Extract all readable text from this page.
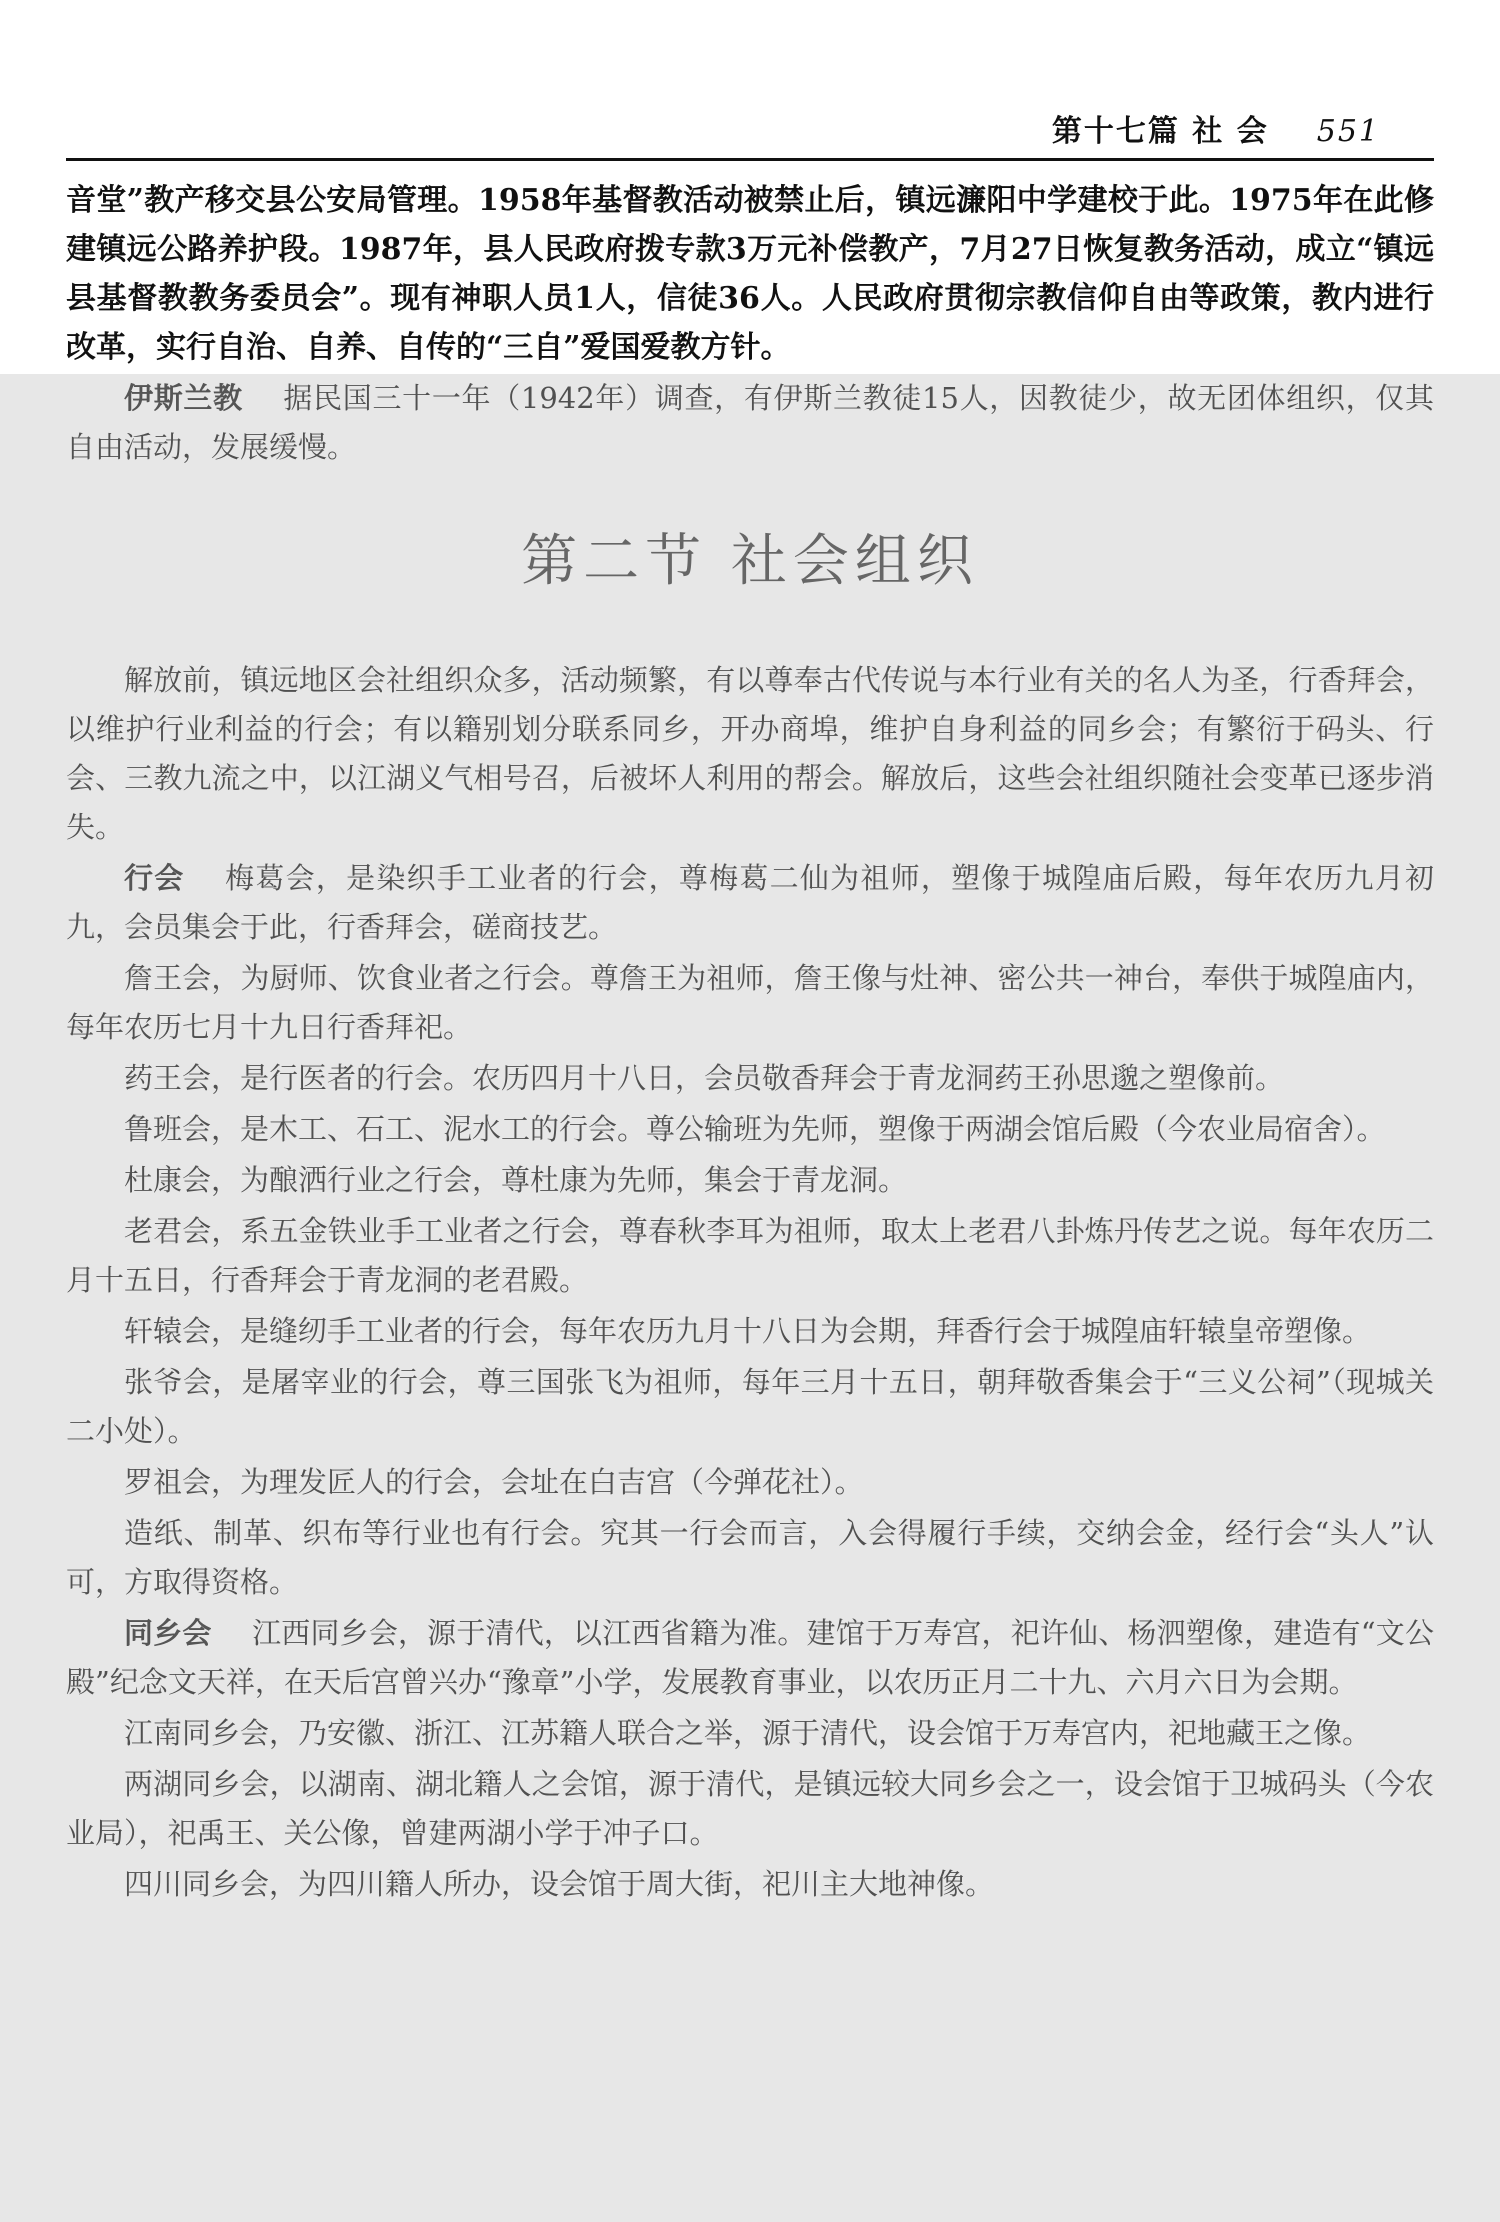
第十七篇 社 会 551
音堂”教产移交县公安局管理。1958年基督教活动被禁止后，镇远濂阳中学建校于此。1975年在此修建镇远公路养护段。1987年，县人民政府拨专款3万元补偿教产，7月27日恢复教务活动，成立“镇远县基督教教务委员会”。现有神职人员1人，信徒36人。人民政府贯彻宗教信仰自由等政策，教内进行改革，实行自治、自养、自传的“三自”爱国爱教方针。

伊斯兰教 据民国三十一年（1942年）调查，有伊斯兰教徒15人，因教徒少，故无团体组织，仅其自由活动，发展缓慢。

第二节 社会组织

解放前，镇远地区会社组织众多，活动频繁，有以尊奉古代传说与本行业有关的名人为圣，行香拜会，以维护行业利益的行会；有以籍别划分联系同乡，开办商埠，维护自身利益的同乡会；有繁衍于码头、行会、三教九流之中，以江湖义气相号召，后被坏人利用的帮会。解放后，这些会社组织随社会变革已逐步消失。

行会 梅葛会，是染织手工业者的行会，尊梅葛二仙为祖师，塑像于城隍庙后殿，每年农历九月初九，会员集会于此，行香拜会，磋商技艺。

詹王会，为厨师、饮食业者之行会。尊詹王为祖师，詹王像与灶神、密公共一神台，奉供于城隍庙内，每年农历七月十九日行香拜祀。

药王会，是行医者的行会。农历四月十八日，会员敬香拜会于青龙洞药王孙思邈之塑像前。

鲁班会，是木工、石工、泥水工的行会。尊公输班为先师，塑像于两湖会馆后殿（今农业局宿舍）。

杜康会，为酿洒行业之行会，尊杜康为先师，集会于青龙洞。

老君会，系五金铁业手工业者之行会，尊春秋李耳为祖师，取太上老君八卦炼丹传艺之说。每年农历二月十五日，行香拜会于青龙洞的老君殿。

轩辕会，是缝纫手工业者的行会，每年农历九月十八日为会期，拜香行会于城隍庙轩辕皇帝塑像。

张爷会，是屠宰业的行会，尊三国张飞为祖师，每年三月十五日，朝拜敬香集会于“三义公祠”（现城关二小处）。

罗祖会，为理发匠人的行会，会址在白吉宫（今弹花社）。

造纸、制革、织布等行业也有行会。究其一行会而言，入会得履行手续，交纳会金，经行会“头人”认可，方取得资格。

同乡会 江西同乡会，源于清代，以江西省籍为准。建馆于万寿宫，祀许仙、杨泗塑像，建造有“文公殿”纪念文天祥，在天后宫曾兴办“豫章”小学，发展教育事业，以农历正月二十九、六月六日为会期。

江南同乡会，乃安徽、浙江、江苏籍人联合之举，源于清代，设会馆于万寿宫内，祀地藏王之像。

两湖同乡会，以湖南、湖北籍人之会馆，源于清代，是镇远较大同乡会之一，设会馆于卫城码头（今农业局），祀禹王、关公像，曾建两湖小学于冲子口。

四川同乡会，为四川籍人所办，设会馆于周大街，祀川主大地神像。
